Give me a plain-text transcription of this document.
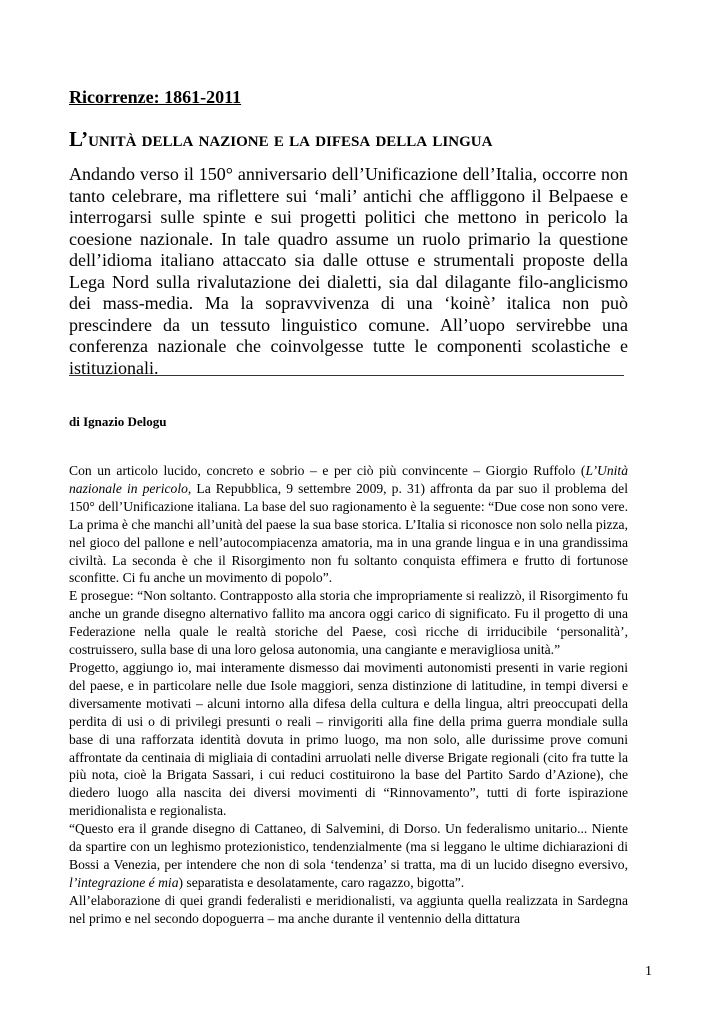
Ricorrenze: 1861-2011
L’unità della nazione e la difesa della lingua

Andando verso il 150° anniversario dell’Unificazione dell’Italia, occorre non tanto celebrare, ma riflettere sui ‘mali’ antichi che affliggono il Belpaese e interrogarsi sulle spinte e sui progetti politici che mettono in pericolo la coesione nazionale. In tale quadro assume un ruolo primario la questione dell’idioma italiano attaccato sia dalle ottuse e strumentali proposte della Lega Nord sulla rivalutazione dei dialetti, sia dal dilagante filo-anglicismo dei mass-media. Ma la sopravvivenza di una ‘koinè’ italica non può prescindere da un tessuto linguistico comune. All’uopo servirebbe una conferenza nazionale che coinvolgesse tutte le componenti scolastiche e istituzionali.

di Ignazio Delogu

Con un articolo lucido, concreto e sobrio – e per ciò più convincente – Giorgio Ruffolo (L’Unità nazionale in pericolo, La Repubblica, 9 settembre 2009, p. 31) affronta da par suo il problema del 150° dell’Unificazione italiana. La base del suo ragionamento è la seguente: “Due cose non sono vere. La prima è che manchi all’unità del paese la sua base storica. L’Italia si riconosce non solo nella pizza, nel gioco del pallone e nell’autocompiacenza amatoria, ma in una grande lingua e in una grandissima civiltà. La seconda è che il Risorgimento non fu soltanto conquista effimera e frutto di fortunose sconfitte. Ci fu anche un movimento di popolo”.

E prosegue: “Non soltanto. Contrapposto alla storia che impropriamente si realizzò, il Risorgimento fu anche un grande disegno alternativo fallito ma ancora oggi carico di significato. Fu il progetto di una Federazione nella quale le realtà storiche del Paese, così ricche di irriducibile ‘personalità’, costruissero, sulla base di una loro gelosa autonomia, una cangiante e meravigliosa unità.”

Progetto, aggiungo io, mai interamente dismesso dai movimenti autonomisti presenti in varie regioni del paese, e in particolare nelle due Isole maggiori, senza distinzione di latitudine, in tempi diversi e diversamente motivati – alcuni intorno alla difesa della cultura e della lingua, altri preoccupati della perdita di usi o di privilegi presunti o reali – rinvigoriti alla fine della prima guerra mondiale sulla base di una rafforzata identità dovuta in primo luogo, ma non solo, alle durissime prove comuni affrontate da centinaia di migliaia di contadini arruolati nelle diverse Brigate regionali (cito fra tutte la più nota, cioè la Brigata Sassari, i cui reduci costituirono la base del Partito Sardo d’Azione), che diedero luogo alla nascita dei diversi movimenti di “Rinnovamento”, tutti di forte ispirazione meridionalista e regionalista.

“Questo era il grande disegno di Cattaneo, di Salvemini, di Dorso. Un federalismo unitario... Niente da spartire con un leghismo protezionistico, tendenzialmente (ma si leggano le ultime dichiarazioni di Bossi a Venezia, per intendere che non di sola ‘tendenza’ si tratta, ma di un lucido disegno eversivo, l’integrazione é mia) separatista e desolatamente, caro ragazzo, bigotta”.

All’elaborazione di quei grandi federalisti e meridionalisti, va aggiunta quella realizzata in Sardegna nel primo e nel secondo dopoguerra – ma anche durante il ventennio della dittatura

1
